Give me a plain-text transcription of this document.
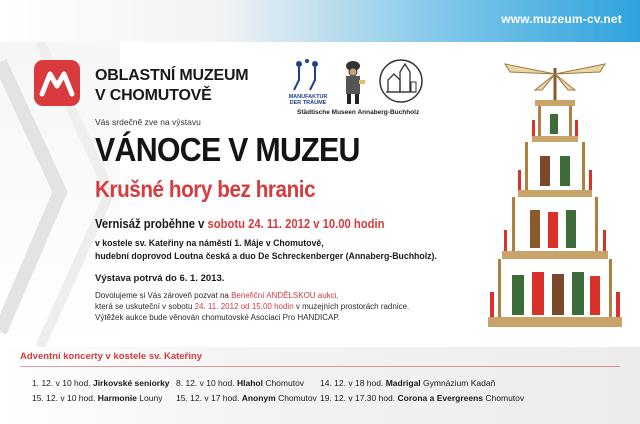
www.muzeum-cv.net
OBLASTNÍ MUZEUM
V CHOMUTOVĚ	MANUFAKTUR DER TRÄUME
Städtische Museen Annaberg-Buchholz
Vás srdečně zve na výstavu
VÁNOCE V MUZEU
Krušné hory bez hranic
Vernisáž proběhne v sobotu 24. 11. 2012 v 10.00 hodin
v kostele sv. Kateřiny na náměstí 1. Máje v Chomutově,
hudební doprovod Loutna česká a duo De Schreckenberger (Annaberg-Buchholz).
Výstava potrvá do 6. 1. 2013.
Dovolujeme si Vás zároveň pozvat na Benefiční ANDĚLSKOU aukci,
která se uskuteční v sobotu 24. 11. 2012 od 15.00 hodin v muzejních prostorách radnice.
Výtěžek aukce bude věnován chomutovské Asociaci Pro HANDICAP.
Adventní koncerty v kostele sv. Kateřiny
1. 12. v 10 hod. Jirkovské seniorky 8. 12. v 10 hod. Hlahol Chomutov 14. 12. v 18 hod. Madrigal Gymnázium Kadaň
15. 12. v 10 hod. Harmonie Louny 15. 12. v 17 hod. Anonym Chomutov 19. 12. v 17.30 hod. Corona a Evergreens Chomutov
